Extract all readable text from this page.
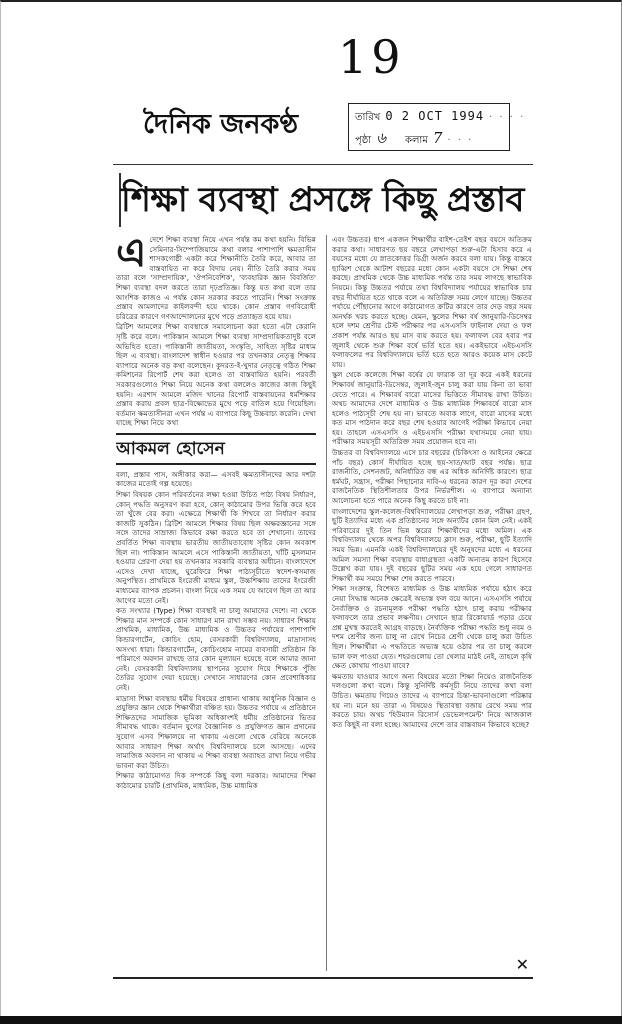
19
দৈনিক জনকণ্ঠ	তারিখ 0 2 OCT 1994 · · · ·
পৃষ্ঠা ৬ কলাম 7 · · ·
শিক্ষা ব্যবস্থা প্রসঙ্গে কিছু প্রস্তাব
এ দেশে শিক্ষা ব্যবস্থা নিয়ে এখন পর্যন্ত কম কথা হয়নি। বিভিন্ন সেমিনার-সিম্পোজিয়ামে কথা বলার পাশাপাশি ক্ষমতাসীন শাসকগোষ্ঠী একটা করে শিক্ষানীতি তৈরি করে, আবার তা বাস্তবায়িত না করে বিদায় নেয়। নীতি তৈরি করার সময় তারা বলে 'সাম্প্রদায়িক', 'ঔপনিবেশিক', 'ব্যবহারিক জ্ঞান বিবর্জিত' শিক্ষা ব্যবস্থা বদল করতে তারা দৃঢ়প্রতিজ্ঞ। কিন্তু যত কথা বলে তার আংশিক কাজও এ পর্যন্ত কোন সরকার করতে পারেনি। শিক্ষা সংক্রান্ত প্রস্তাব আমলাদের কাইলবন্দী হয়ে থাকে। কোন প্রস্তাব গণবিরোধী চরিত্রের কারণে গণআন্দোলনের মুখে পড়ে প্রত্যাহৃত হয়ে যায়।

ব্রিটিশ আমলের শিক্ষা ব্যবস্থাকে সমালোচনা করা হতো এটা কেরানি সৃষ্টি করে বলে। পাকিস্তান আমলে শিক্ষা ব্যবস্থা সাম্প্রদায়িকতাদুষ্ট বলে অভিহিত হতো। পাকিস্তানী জাতীয়তা, সংস্কৃতি, সাহিত্য সৃষ্টির মাধ্যম ছিল এ ব্যবস্থা। বাংলাদেশ স্বাধীন হওয়ার পর তখনকার নেতৃত্ব শিক্ষার ব্যাপারে অনেক বড় কথা বলেছেন। কুদরত-ই-খুদার নেতৃত্বে গঠিত শিক্ষা কমিশনের রিপোর্ট শেষ করা হলেও তা বাস্তবায়িত হয়নি। পরবর্তী সরকারগুলোও শিক্ষা নিয়ে অনেক কথা বললেও কাজের কাজ কিছুই হয়নি। এরশাদ আমলে মজিদ খানের রিপোর্ট বাস্তবায়নের ধর্মশিক্ষার প্রস্তাব করায় প্রবল ছাত্র-বিক্ষোভের মুখে পড়ে বাতিল হয়ে গিয়েছিল। বর্তমান ক্ষমতাসীনরা এখন পর্যন্ত এ ব্যাপারে কিছু উচ্চবাচ্য করেনি। দেখা যাচ্ছে শিক্ষা নিয়ে কথা

আকমল হোসেন

বলা, প্রস্তাব পাস, অঙ্গীকার করা— এসবই ক্ষমতাসীনদের আর দশটা কাজের মতোই গল্প হয়েছে।

শিক্ষা বিষয়ক কোন পরিবর্তনের লক্ষ্য হওয়া উচিত পাঠ্য বিষয় নির্ধারণ, কোন্ পদ্ধতি অনুসরণ করা হবে, কোন্ কাঠামোর উপর ভিত্তি করে হবে তা খুঁজে বের করা। এক্ষেত্রে শিক্ষার্থী কি শিখবে তা নির্ধারণ করার কাজটি সুকঠিন। ব্রিটিশ আমলে শিক্ষার বিষয় ছিল অক্ষরজ্ঞানের সঙ্গে সঙ্গে তাদের সাম্রাজ্য কিভাবে রক্ষা করতে হবে তা শেখানো। তাদের প্রবর্তিত শিক্ষা ব্যবস্থায় ভারতীয় জাতীয়তাবোধ সৃষ্টির কোন অবকাশ ছিল না। পাকিস্তান আমলে এসে পাকিস্তানী জাতীয়তা, খাঁটি মুসলমান হওয়ার প্রেরণা দেয়া হয় তখনকার সরকারি ব্যবস্থার অধীনে। বাংলাদেশে এসেও দেখা যাচ্ছে, ঘুরেফিরে শিক্ষা পাঠ্যসূচীতে স্বদেশ-স্বসমাজ অনুপস্থিত। প্রাথমিকে ইংরেজী মাধ্যম স্কুল, উচ্চশিক্ষায় তাদের ইংরেজী মাধ্যমের ব্যাপক প্রচলন। বাংলা নিয়ে এক সময় যে আবেগ ছিল তা আর আগের মতো নেই।

কত সংখ্যার (Type) শিক্ষা ব্যবস্থাই না চালু আমাদের দেশে। না থেকে শিক্ষার মান সম্পর্কে কোন সাধারণ মান রাখা সম্ভব নয়। সাধারণ শিক্ষায় প্রাথমিক, মাধ্যমিক, উচ্চ মাধ্যমিক ও উচ্চতর পর্যায়ের পাশাপাশি কিন্ডারগার্টেন, কোচিং হোম, বেসরকারী বিশ্ববিদ্যালয়, মাদ্রাসাসহ অসংখ্য ধারা। কিন্ডারগার্টেন, কোচিংহোম নামের ব্যবসায়ী প্রতিষ্ঠান কি পরিমাণে অবদান রাখছে তার কোন মূল্যায়ন হয়েছে বলে আমার জানা নেই। বেসরকারী বিশ্ববিদ্যালয় স্থাপনের সুযোগ দিয়ে শিক্ষাকে পুঁজি তৈরির সুযোগ দেয়া হয়েছে। সেখানে সাধারণের কোন প্রবেশাধিকার নেই।

মাদ্রাসা শিক্ষা ব্যবস্থায় ধর্মীয় বিষয়ের প্রাধান্য থাকায় আধুনিক বিজ্ঞান ও প্রযুক্তির জ্ঞান থেকে শিক্ষার্থীরা বঞ্চিত হয়। উচ্চতর পর্যায়ে এ প্রতিষ্ঠানে শিক্ষিতদের সামাজিক ভূমিকা অধিকাংশই ধর্মীয় প্রতিষ্ঠানের ভিতর সীমাবদ্ধ থাকে। বর্তমান যুগের বৈজ্ঞানিক ও প্রযুক্তিগত জ্ঞান প্রদানের সুযোগ এসব শিক্ষালয়ে না থাকায় এগুলো থেকে বেরিয়ে অনেকে আবার সাধারণ শিক্ষা অর্থাৎ বিশ্ববিদ্যালয়ে চলে আসছে। এদের সামাজিক অবদান না থাকায় এ শিক্ষা ব্যবস্থা অব্যাহত রাখা নিয়ে গভীর ভাবনা করা উচিত।

শিক্ষার কাঠামোগত দিক সম্পর্কে কিছু বলা দরকার। আমাদের শিক্ষা কাঠামোর চারটি (প্রাথমিক, মাধ্যমিক, উচ্চ মাধ্যমিক

এবং উচ্চতর) ধাপ একজন শিক্ষার্থীর বাইশ-তেইশ বছর বয়সে অতিক্রম করার কথা। সাধারণত ছয় বছরে লেখাপড়া শুরু-এটা হিসাব করে এ বয়সের মধ্যে যে স্নাতকোত্তর ডিগ্রী অর্জন করবে বলা যায়। কিন্তু বাস্তবে ছাব্বিশ থেকে আটাশ বছরের মধ্যে কোন একটা বয়সে সে শিক্ষা শেষ করছে। প্রাথমিক থেকে উচ্চ মাধ্যমিক পর্যন্ত তার সময় লাগছে স্বাভাবিক নিয়মে। কিন্তু উচ্চতর পর্যায়ে তথা বিশ্ববিদ্যালয় পর্যায়ের স্বাভাবিক চার বছর দীর্ঘায়িত হতে থাকে বলে এ অতিরিক্ত সময় লেগে যাচ্ছে। উচ্চতর পর্যায়ে পৌঁছানোর আগে কাঠামোগত ক্রটির কারণে তার দেড় বছর সময় অনর্থক খরচ করতে হচ্ছে। যেমন, স্কুলের শিক্ষা বর্ষ জানুয়ারি-ডিসেম্বর হলে দশম শ্রেণীর টেস্ট পরীক্ষার পর এসএসসি ফাইনাল দেয়া ও ফল প্রকাশ পর্যন্ত আরও ছয় মাস ব্যয় করতে হয়। ফলাফল বের হবার পর জুলাই থেকে শুরু শিক্ষা বর্ষে ভর্তি হতে হয়। একইভাবে এইচএসসি ফলাফলের পর বিশ্ববিদ্যালয়ে ভর্তি হতে হতে আরও কয়েক মাস কেটে যায়।

স্কুল থেকে কলেজে শিক্ষা বর্ষের যে ফারাক তা দূর করে একই ধরনের শিক্ষাবর্ষ জানুয়ারি-ডিসেম্বর, জুলাই-জুন চালু করা যায় কিনা তা ভাবা যেতে পারে। এ শিক্ষাবর্ষ বারো মাসের ভিত্তিতে সীমাবদ্ধ রাখা উচিত। অথচ আমাদের দেশে মাধ্যমিক ও উচ্চ মাধ্যমিক শিক্ষাবর্ষে বারো মাস হলেও পাঠ্যসূচী শেষ হয় না। ভাবতে অবাক লাগে, বারো মাসের মধ্যে কত মাস পাঠদান করে বছর শেষ হওয়ার আগেই পরীক্ষা কিভাবে নেয়া হয়। তাহলে এসএসসি ও এইচএসসি পরীক্ষা যথাসময়ে নেয়া যায়। পরীক্ষার সময়সূচী অতিরিক্ত সময় প্রয়োজন হবে না।

উচ্চতর বা বিশ্ববিদ্যালয়ে এসে চার বছরের (চিকিৎসা ও আইনের ক্ষেত্রে পাঁচ বছর) কোর্স দীর্ঘায়িত হচ্ছে ছয়-সাত/আট বছর পর্যন্ত। ছাত্র রাজনীতি, সেশনজট, অনির্ধারিত বন্ধ এর অধিক অনির্দিষ্ট কারণে। ছাত্র ধর্মঘট, সন্ত্রাস, পরীক্ষা পিছানোর দাবি-এ ধরনের কারণ দূর করা দেশের রাজনৈতিক স্থিতিশীলতার উপর নির্ভরশীল। এ ব্যাপারে অন্যান্য আলোচনা হতে পারে অনেক কিছু করতে চাই না।

বাংলাদেশের স্কুল-কলেজ-বিশ্ববিদ্যালয়ের লেখাপড়া শুরু, পরীক্ষা গ্রহণ, ছুটি ইত্যাদির মধ্যে এক প্রতিষ্ঠানের সঙ্গে অন্যটির কোন মিল নেই। একই পরিবারের দুই তিন ভিন্ন স্তরের শিক্ষার্থীদের মধ্যে অমিল। এক বিশ্ববিদ্যালয় থেকে অপর বিশ্ববিদ্যালয়ে ক্লাস শুরু, পরীক্ষা, ছুটি ইত্যাদি সময় ভিন্ন। এমনকি একই বিশ্ববিদ্যালয়ের দুই অনুষদের মধ্যে এ ধরনের অমিল সমস্যা শিক্ষা ব্যবস্থায় বাধাগ্রস্থতা একটি অন্যতম কারণ হিসেবে উল্লেখ করা যায়। দুই বছরের ছুটির সময় এক হয়ে গেলে সাধারণত শিক্ষার্থী কম সময়ে শিক্ষা শেষ করতে পারবে।

শিক্ষা সংক্রান্ত, বিশেষত মাধ্যমিক ও উচ্চ মাধ্যমিক পর্যায়ে হঠাৎ করে নেয়া সিদ্ধান্ত অনেক ক্ষেত্রেই অভ্যস্ত ফল বয়ে আনে। এসএসসি পর্যায়ে নৈর্ব্যক্তিক ও রচনামূলক পরীক্ষা পদ্ধতি হঠাৎ চালু করায় পরীক্ষার ফলাফলে তার প্রভাব লক্ষণীয়। সেখানে ছাত্র রিকোয়ার্ড পড়ার চেয়ে প্রশ্ন মুখস্থ করতেই আগ্রহ বাড়ছে। নৈর্ব্যক্তিক পরীক্ষা পদ্ধতি শুধু নবম ও দশম শ্রেণীর জন্য চালু না রেখে নিচের শ্রেণী থেকে চালু করা উচিত ছিল। শিক্ষার্থীরা এ পদ্ধতিতে অভ্যস্ত হয়ে ওঠার পর তা চালু করলে ভাল ফল পাওয়া যেত। শহরগুলোয় তো খেলার মাঠই নেই, তাহলে কৃষি ক্ষেত কোথায় পাওয়া যাবে?

ক্ষমতায় যাওয়ার আগে অন্য বিষয়ের মতো শিক্ষা নিয়েও রাজনৈতিক দলগুলো কথা বলে। কিন্তু সুনির্দিষ্ট কর্মসূচী নিয়ে তাদের কথা বলা উচিত। ক্ষমতায় গিয়েও তাদের এ ব্যাপারে চিন্তা-ভাবনাগুলো পরিষ্কার হয় না। মনে হয় তারা এ বিষয়েও স্থিতাবস্থা বজায় রেখে সময় পার করতে চায়। অথচ 'হিউম্যান রিসোর্স ডেভেলপমেন্ট' নিয়ে আজকাল কত কিছুই না বলা হচ্ছে। আমাদের দেশে তার বাস্তবায়ন কিভাবে হচ্ছে?

✕
